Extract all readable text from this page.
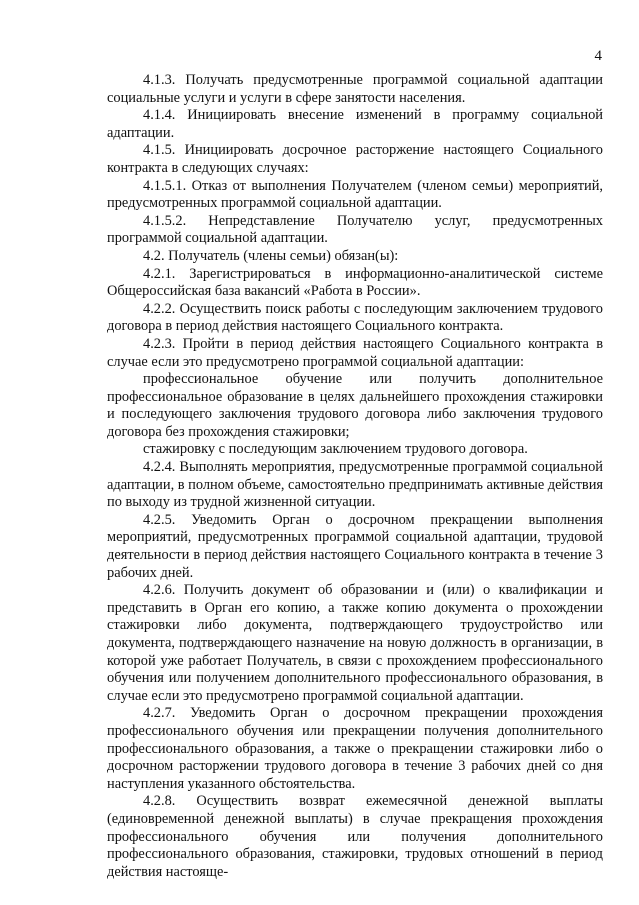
4

4.1.3. Получать предусмотренные программой социальной адаптации социальные услуги и услуги в сфере занятости населения.

4.1.4. Инициировать внесение изменений в программу социальной адаптации.

4.1.5. Инициировать досрочное расторжение настоящего Социального контракта в следующих случаях:

4.1.5.1. Отказ от выполнения Получателем (членом семьи) мероприятий, предусмотренных программой социальной адаптации.

4.1.5.2. Непредставление Получателю услуг, предусмотренных программой социальной адаптации.

4.2. Получатель (члены семьи) обязан(ы):

4.2.1. Зарегистрироваться в информационно-аналитической системе Общероссийская база вакансий «Работа в России».

4.2.2. Осуществить поиск работы с последующим заключением трудового договора в период действия настоящего Социального контракта.

4.2.3. Пройти в период действия настоящего Социального контракта в случае если это предусмотрено программой социальной адаптации:

профессиональное обучение или получить дополнительное профессиональное образование в целях дальнейшего прохождения стажировки и последующего заключения трудового договора либо заключения трудового договора без прохождения стажировки;

стажировку с последующим заключением трудового договора.

4.2.4. Выполнять мероприятия, предусмотренные программой социальной адаптации, в полном объеме, самостоятельно предпринимать активные действия по выходу из трудной жизненной ситуации.

4.2.5. Уведомить Орган о досрочном прекращении выполнения мероприятий, предусмотренных программой социальной адаптации, трудовой деятельности в период действия настоящего Социального контракта в течение 3 рабочих дней.

4.2.6. Получить документ об образовании и (или) о квалификации и представить в Орган его копию, а также копию документа о прохождении стажировки либо документа, подтверждающего трудоустройство или документа, подтверждающего назначение на новую должность в организации, в которой уже работает Получатель, в связи с прохождением профессионального обучения или получением дополнительного профессионального образования, в случае если это предусмотрено программой социальной адаптации.

4.2.7. Уведомить Орган о досрочном прекращении прохождения профессионального обучения или прекращении получения дополнительного профессионального образования, а также о прекращении стажировки либо о досрочном расторжении трудового договора в течение 3 рабочих дней со дня наступления указанного обстоятельства.

4.2.8. Осуществить возврат ежемесячной денежной выплаты (единовременной денежной выплаты) в случае прекращения прохождения профессионального обучения или получения дополнительного профессионального образования, стажировки, трудовых отношений в период действия настояще-
